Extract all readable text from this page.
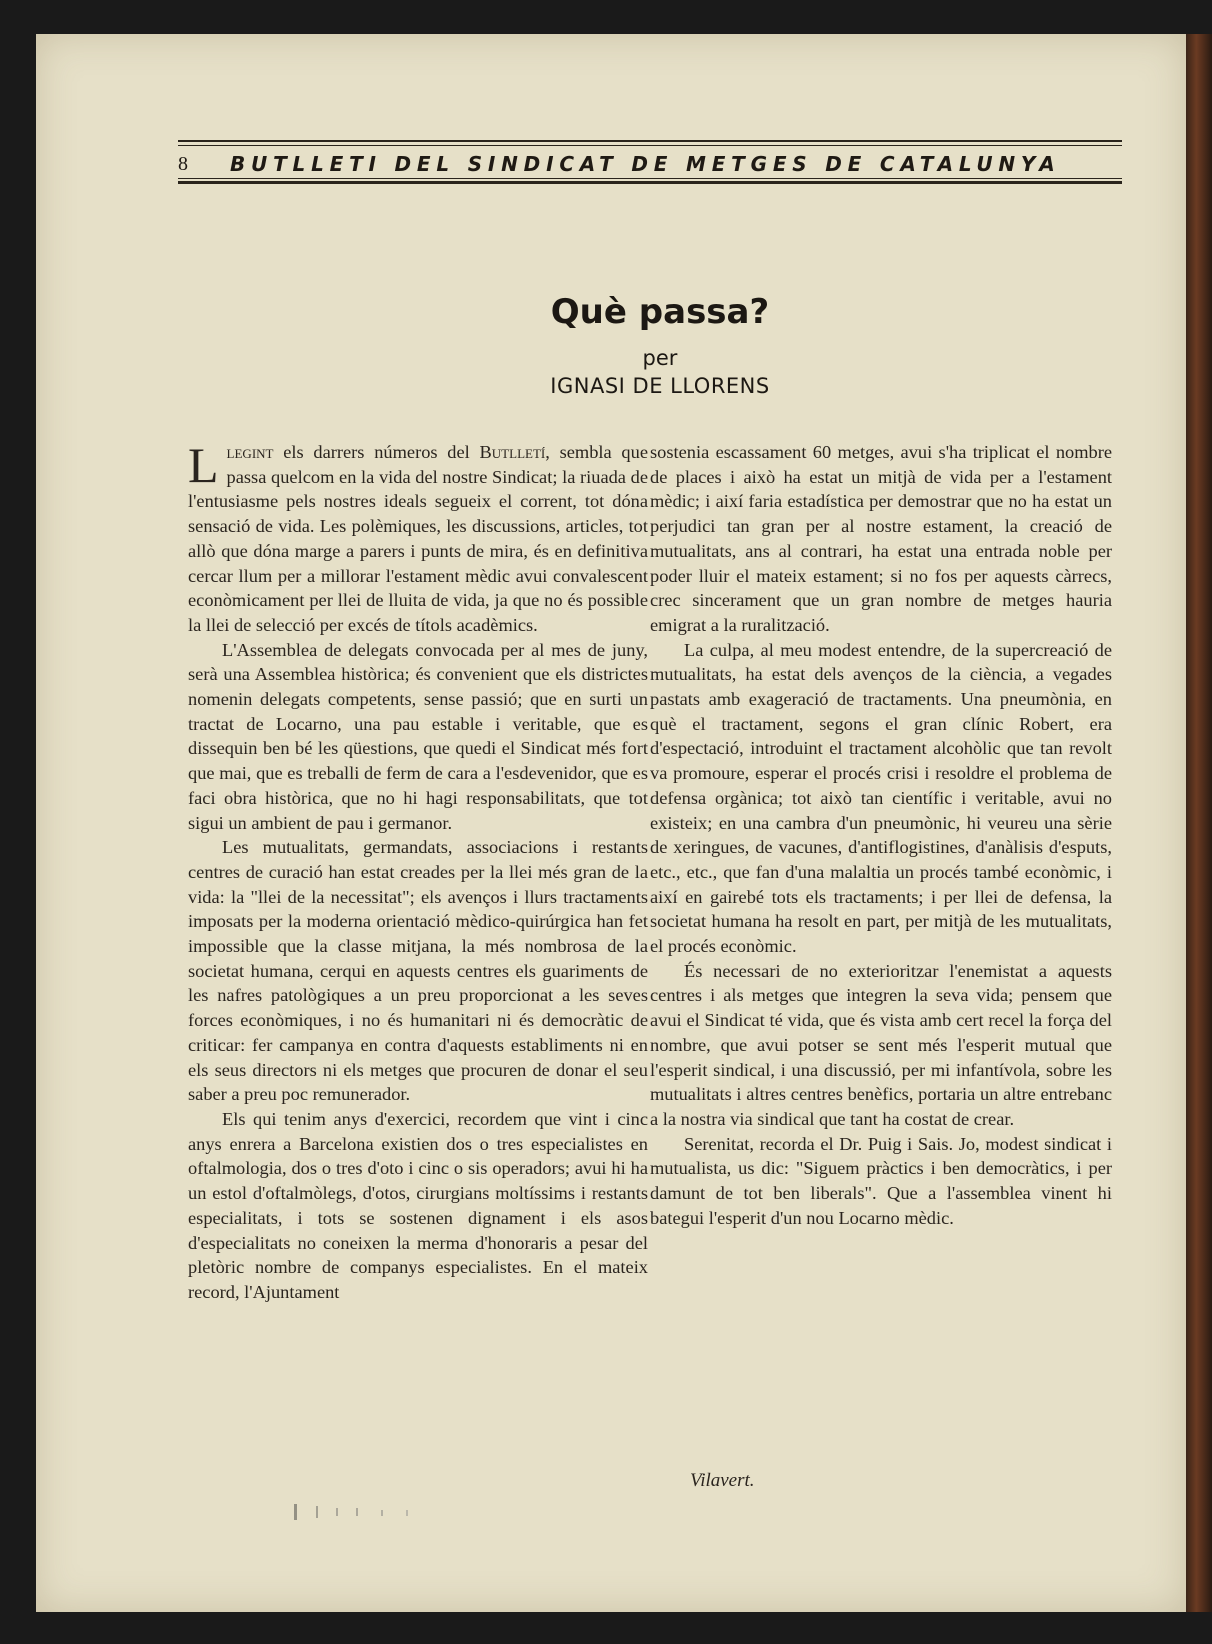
8 BUTLLETI DEL SINDICAT DE METGES DE CATALUNYA
Què passa?
per
IGNASI DE LLORENS

Llegint els darrers números del Butlletí, sembla que passa quelcom en la vida del nostre Sindicat; la riuada de l'entusiasme pels nostres ideals segueix el corrent, tot dóna sensació de vida. Les polèmiques, les discussions, articles, tot allò que dóna marge a parers i punts de mira, és en definitiva cercar llum per a millorar l'estament mèdic avui convalescent econòmicament per llei de lluita de vida, ja que no és possible la llei de selecció per excés de títols acadèmics.

L'Assemblea de delegats convocada per al mes de juny, serà una Assemblea històrica; és convenient que els districtes nomenin delegats competents, sense passió; que en surti un tractat de Locarno, una pau estable i veritable, que es dissequin ben bé les qüestions, que quedi el Sindicat més fort que mai, que es treballi de ferm de cara a l'esdevenidor, que es faci obra històrica, que no hi hagi responsabilitats, que tot sigui un ambient de pau i germanor.

Les mutualitats, germandats, associacions i restants centres de curació han estat creades per la llei més gran de la vida: la "llei de la necessitat"; els avenços i llurs tractaments imposats per la moderna orientació mèdico-quirúrgica han fet impossible que la classe mitjana, la més nombrosa de la societat humana, cerqui en aquests centres els guariments de les nafres patològiques a un preu proporcionat a les seves forces econòmiques, i no és humanitari ni és democràtic de criticar: fer campanya en contra d'aquests establiments ni en els seus directors ni els metges que procuren de donar el seu saber a preu poc remunerador.

Els qui tenim anys d'exercici, recordem que vint i cinc anys enrera a Barcelona existien dos o tres especialistes en oftalmologia, dos o tres d'oto i cinc o sis operadors; avui hi ha un estol d'oftalmòlegs, d'otos, cirurgians moltíssims i restants especialitats, i tots se sostenen dignament i els asos d'especialitats no coneixen la merma d'honoraris a pesar del pletòric nombre de companys especialistes. En el mateix record, l'Ajuntament

sostenia escassament 60 metges, avui s'ha triplicat el nombre de places i això ha estat un mitjà de vida per a l'estament mèdic; i així faria estadística per demostrar que no ha estat un perjudici tan gran per al nostre estament, la creació de mutualitats, ans al contrari, ha estat una entrada noble per poder lluir el mateix estament; si no fos per aquests càrrecs, crec sincerament que un gran nombre de metges hauria emigrat a la ruralització.

La culpa, al meu modest entendre, de la supercreació de mutualitats, ha estat dels avenços de la ciència, a vegades pastats amb exageració de tractaments. Una pneumònia, en què el tractament, segons el gran clínic Robert, era d'espectació, introduint el tractament alcohòlic que tan revolt va promoure, esperar el procés crisi i resoldre el problema de defensa orgànica; tot això tan científic i veritable, avui no existeix; en una cambra d'un pneumònic, hi veureu una sèrie de xeringues, de vacunes, d'antiflogistines, d'anàlisis d'esputs, etc., etc., que fan d'una malaltia un procés també econòmic, i així en gairebé tots els tractaments; i per llei de defensa, la societat humana ha resolt en part, per mitjà de les mutualitats, el procés econòmic.

És necessari de no exterioritzar l'enemistat a aquests centres i als metges que integren la seva vida; pensem que avui el Sindicat té vida, que és vista amb cert recel la força del nombre, que avui potser se sent més l'esperit mutual que l'esperit sindical, i una discussió, per mi infantívola, sobre les mutualitats i altres centres benèfics, portaria un altre entrebanc a la nostra via sindical que tant ha costat de crear.

Serenitat, recorda el Dr. Puig i Sais. Jo, modest sindicat i mutualista, us dic: "Siguem pràctics i ben democràtics, i per damunt de tot ben liberals". Que a l'assemblea vinent hi bategui l'esperit d'un nou Locarno mèdic.

Vilavert.
